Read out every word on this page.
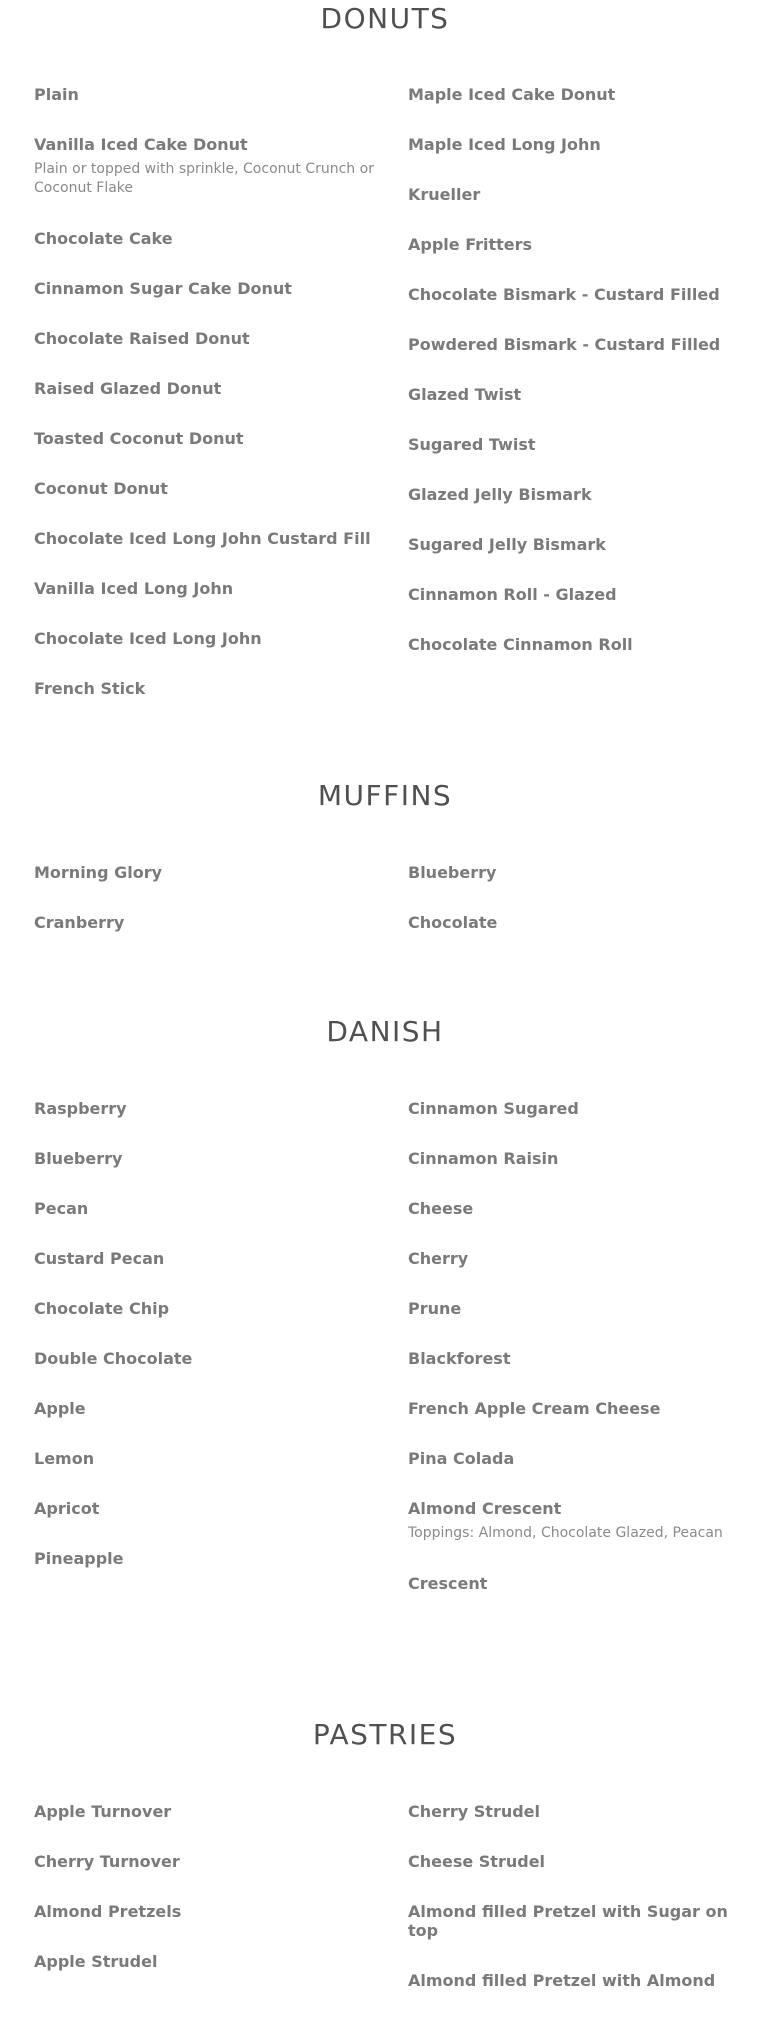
DONUTS
Plain
Vanilla Iced Cake Donut
Plain or topped with sprinkle, Coconut Crunch or Coconut Flake
Chocolate Cake
Cinnamon Sugar Cake Donut
Chocolate Raised Donut
Raised Glazed Donut
Toasted Coconut Donut
Coconut Donut
Chocolate Iced Long John Custard Fill
Vanilla Iced Long John
Chocolate Iced Long John
French Stick
Maple Iced Cake Donut
Maple Iced Long John
Krueller
Apple Fritters
Chocolate Bismark - Custard Filled
Powdered Bismark - Custard Filled
Glazed Twist
Sugared Twist
Glazed Jelly Bismark
Sugared Jelly Bismark
Cinnamon Roll - Glazed
Chocolate Cinnamon Roll
MUFFINS
Morning Glory
Cranberry
Blueberry
Chocolate
DANISH
Raspberry
Blueberry
Pecan
Custard Pecan
Chocolate Chip
Double Chocolate
Apple
Lemon
Apricot
Pineapple
Cinnamon Sugared
Cinnamon Raisin
Cheese
Cherry
Prune
Blackforest
French Apple Cream Cheese
Pina Colada
Almond Crescent
Toppings: Almond, Chocolate Glazed, Peacan
Crescent
PASTRIES
Apple Turnover
Cherry Turnover
Almond Pretzels
Apple Strudel
Cherry Strudel
Cheese Strudel
Almond filled Pretzel with Sugar on top
Almond filled Pretzel with Almond
